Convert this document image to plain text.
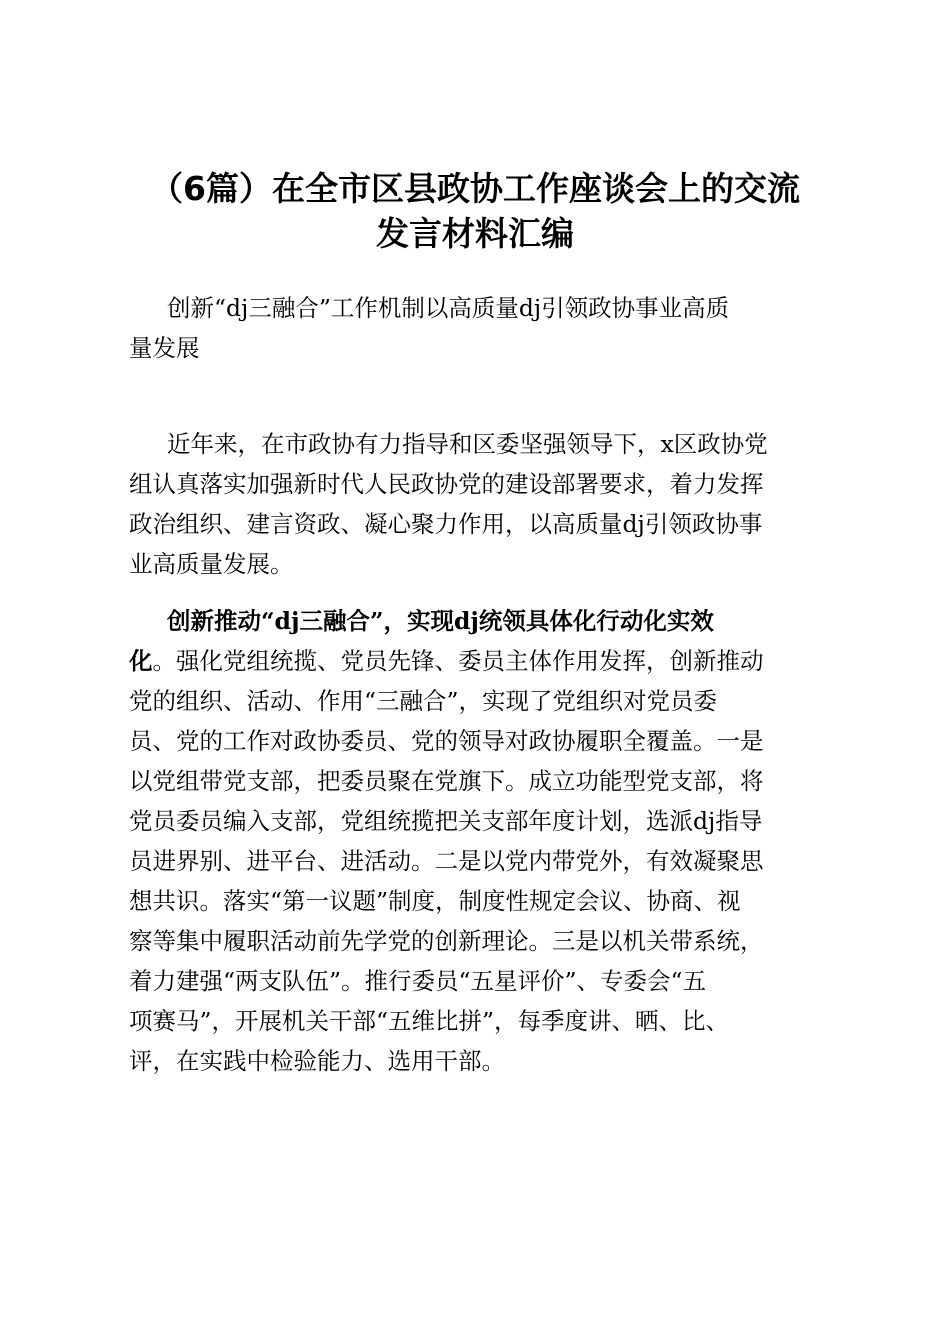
（6篇）在全市区县政协工作座谈会上的交流
发言材料汇编
创新“dj三融合”工作机制以高质量dj引领政协事业高质
量发展
近年来，在市政协有力指导和区委坚强领导下，x区政协党
组认真落实加强新时代人民政协党的建设部署要求，着力发挥
政治组织、建言资政、凝心聚力作用，以高质量dj引领政协事
业高质量发展。
创新推动“dj三融合”，实现dj统领具体化行动化实效
化。强化党组统揽、党员先锋、委员主体作用发挥，创新推动
党的组织、活动、作用“三融合”，实现了党组织对党员委
员、党的工作对政协委员、党的领导对政协履职全覆盖。一是
以党组带党支部，把委员聚在党旗下。成立功能型党支部，将
党员委员编入支部，党组统揽把关支部年度计划，选派dj指导
员进界别、进平台、进活动。二是以党内带党外，有效凝聚思
想共识。落实“第一议题”制度，制度性规定会议、协商、视
察等集中履职活动前先学党的创新理论。三是以机关带系统，
着力建强“两支队伍”。推行委员“五星评价”、专委会“五
项赛马”，开展机关干部“五维比拼”，每季度讲、晒、比、
评，在实践中检验能力、选用干部。
